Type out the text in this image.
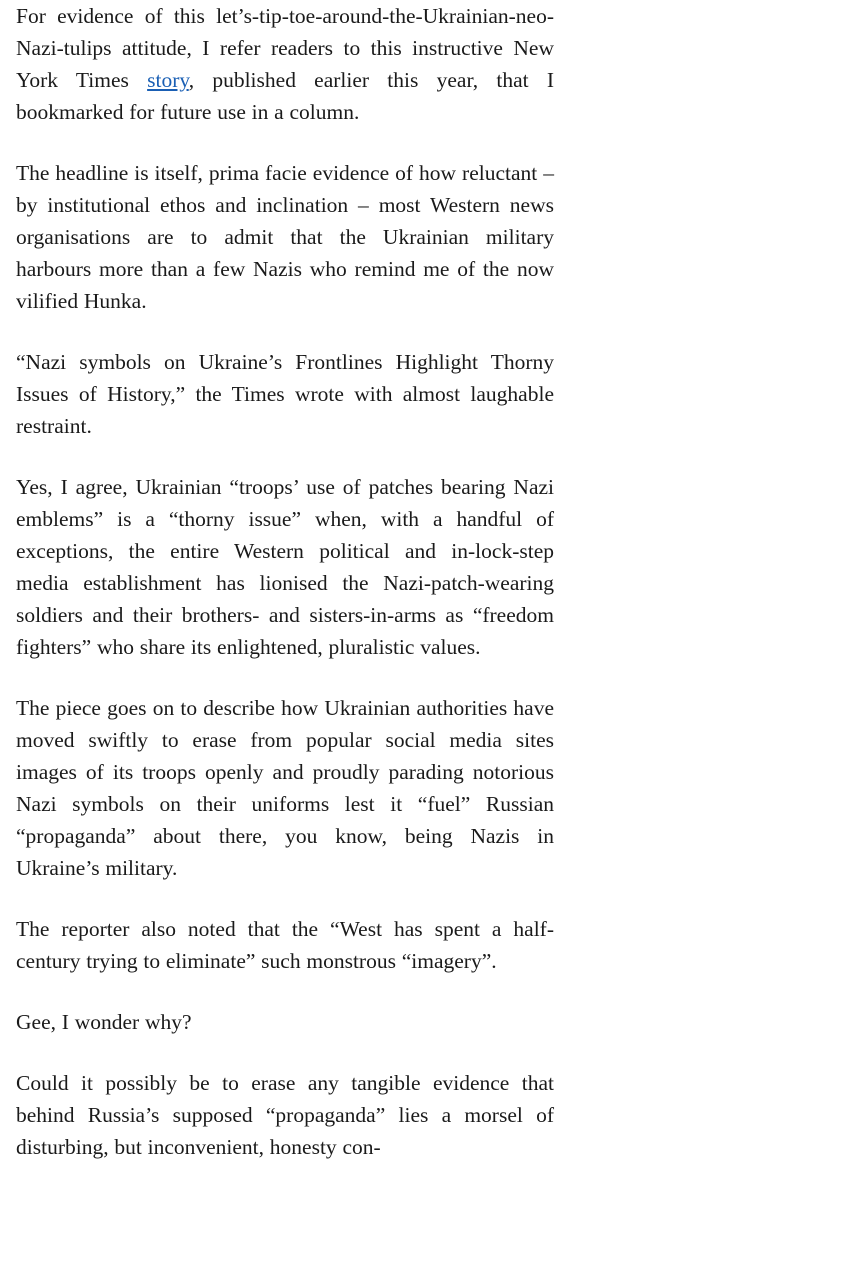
For evidence of this let’s-tip-toe-around-the-Ukrainian-neo-Nazi-tulips attitude, I refer readers to this instructive New York Times story, published earlier this year, that I bookmarked for future use in a column.

The headline is itself, prima facie evidence of how reluctant – by institutional ethos and inclination – most Western news organisations are to admit that the Ukrainian military harbours more than a few Nazis who remind me of the now vilified Hunka.

“Nazi symbols on Ukraine’s Frontlines Highlight Thorny Issues of History,” the Times wrote with almost laughable restraint.

Yes, I agree, Ukrainian “troops’ use of patches bearing Nazi emblems” is a “thorny issue” when, with a handful of exceptions, the entire Western political and in-lock-step media establishment has lionised the Nazi-patch-wearing soldiers and their brothers- and sisters-in-arms as “freedom fighters” who share its enlightened, pluralistic values.

The piece goes on to describe how Ukrainian authorities have moved swiftly to erase from popular social media sites images of its troops openly and proudly parading notorious Nazi symbols on their uniforms lest it “fuel” Russian “propaganda” about there, you know, being Nazis in Ukraine’s military.

The reporter also noted that the “West has spent a half-century trying to eliminate” such monstrous “imagery”.

Gee, I wonder why?

Could it possibly be to erase any tangible evidence that behind Russia’s supposed “propaganda” lies a morsel of disturbing, but inconvenient, honesty con-
